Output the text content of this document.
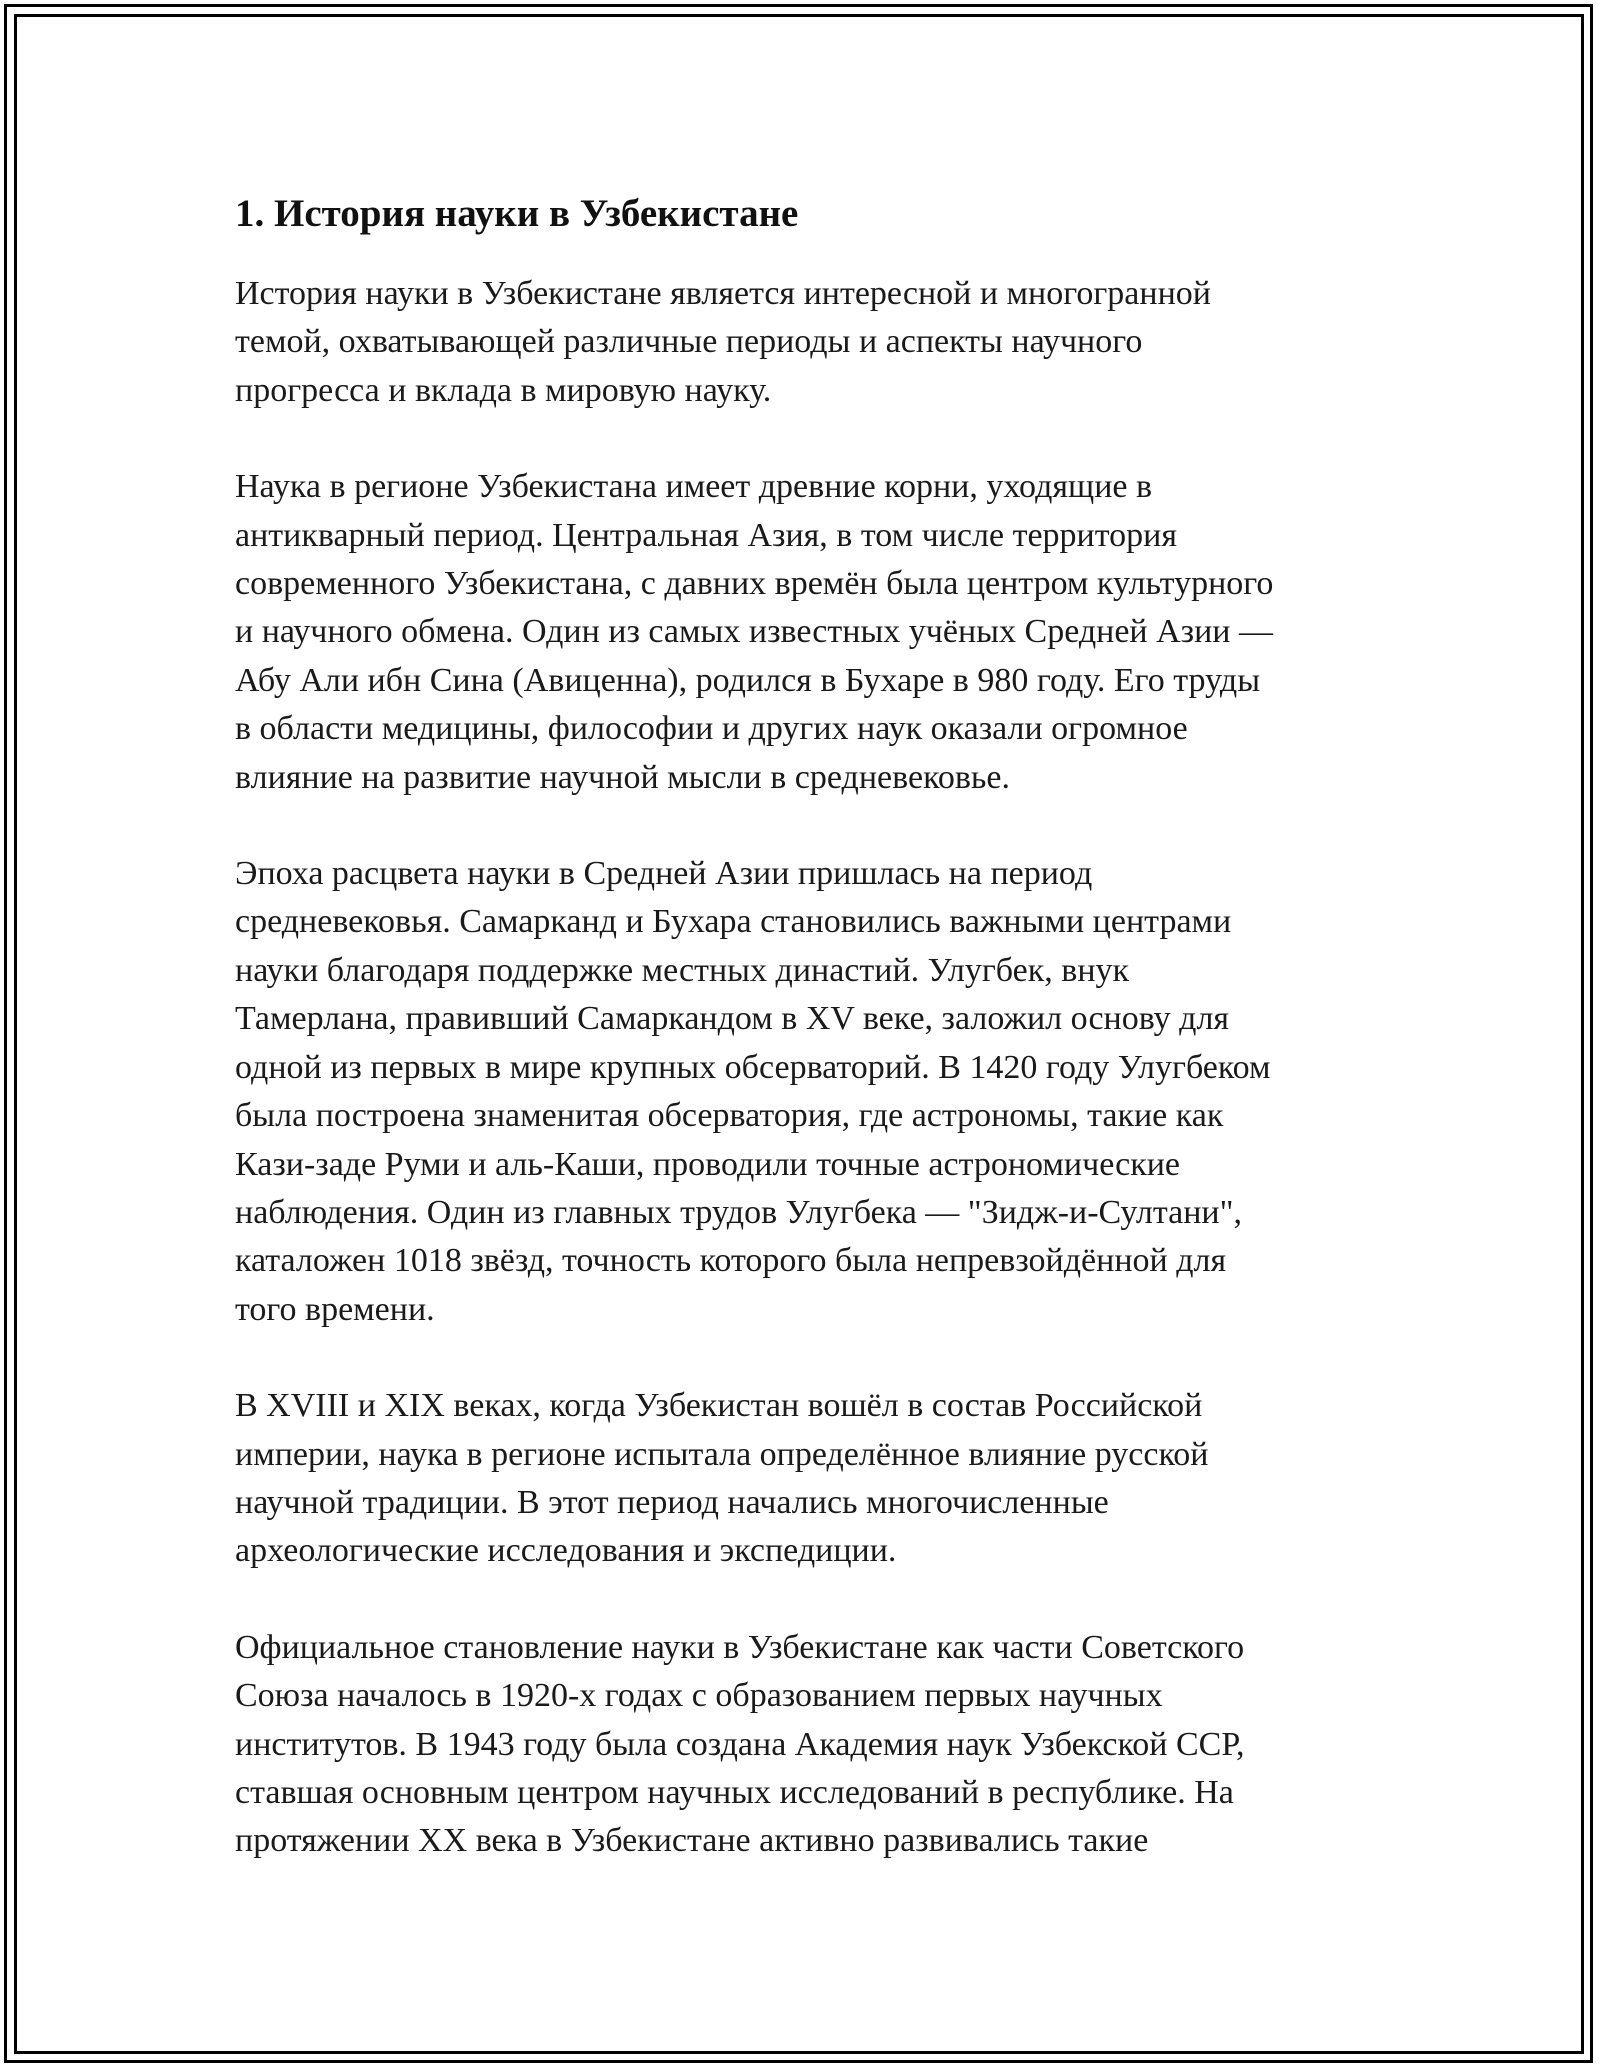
1. История науки в Узбекистане

История науки в Узбекистане является интересной и многогранной
темой, охватывающей различные периоды и аспекты научного
прогресса и вклада в мировую науку.

Наука в регионе Узбекистана имеет древние корни, уходящие в
антикварный период. Центральная Азия, в том числе территория
современного Узбекистана, с давних времён была центром культурного
и научного обмена. Один из самых известных учёных Средней Азии —
Абу Али ибн Сина (Авиценна), родился в Бухаре в 980 году. Его труды
в области медицины, философии и других наук оказали огромное
влияние на развитие научной мысли в средневековье.

Эпоха расцвета науки в Средней Азии пришлась на период
средневековья. Самарканд и Бухара становились важными центрами
науки благодаря поддержке местных династий. Улугбек, внук
Тамерлана, правивший Самаркандом в XV веке, заложил основу для
одной из первых в мире крупных обсерваторий. В 1420 году Улугбеком
была построена знаменитая обсерватория, где астрономы, такие как
Кази-заде Руми и аль-Каши, проводили точные астрономические
наблюдения. Один из главных трудов Улугбека — "Зидж-и-Султани",
каталожен 1018 звёзд, точность которого была непревзойдённой для
того времени.

В XVIII и XIX веках, когда Узбекистан вошёл в состав Российской
империи, наука в регионе испытала определённое влияние русской
научной традиции. В этот период начались многочисленные
археологические исследования и экспедиции.

Официальное становление науки в Узбекистане как части Советского
Союза началось в 1920-х годах с образованием первых научных
институтов. В 1943 году была создана Академия наук Узбекской ССР,
ставшая основным центром научных исследований в республике. На
протяжении XX века в Узбекистане активно развивались такие
